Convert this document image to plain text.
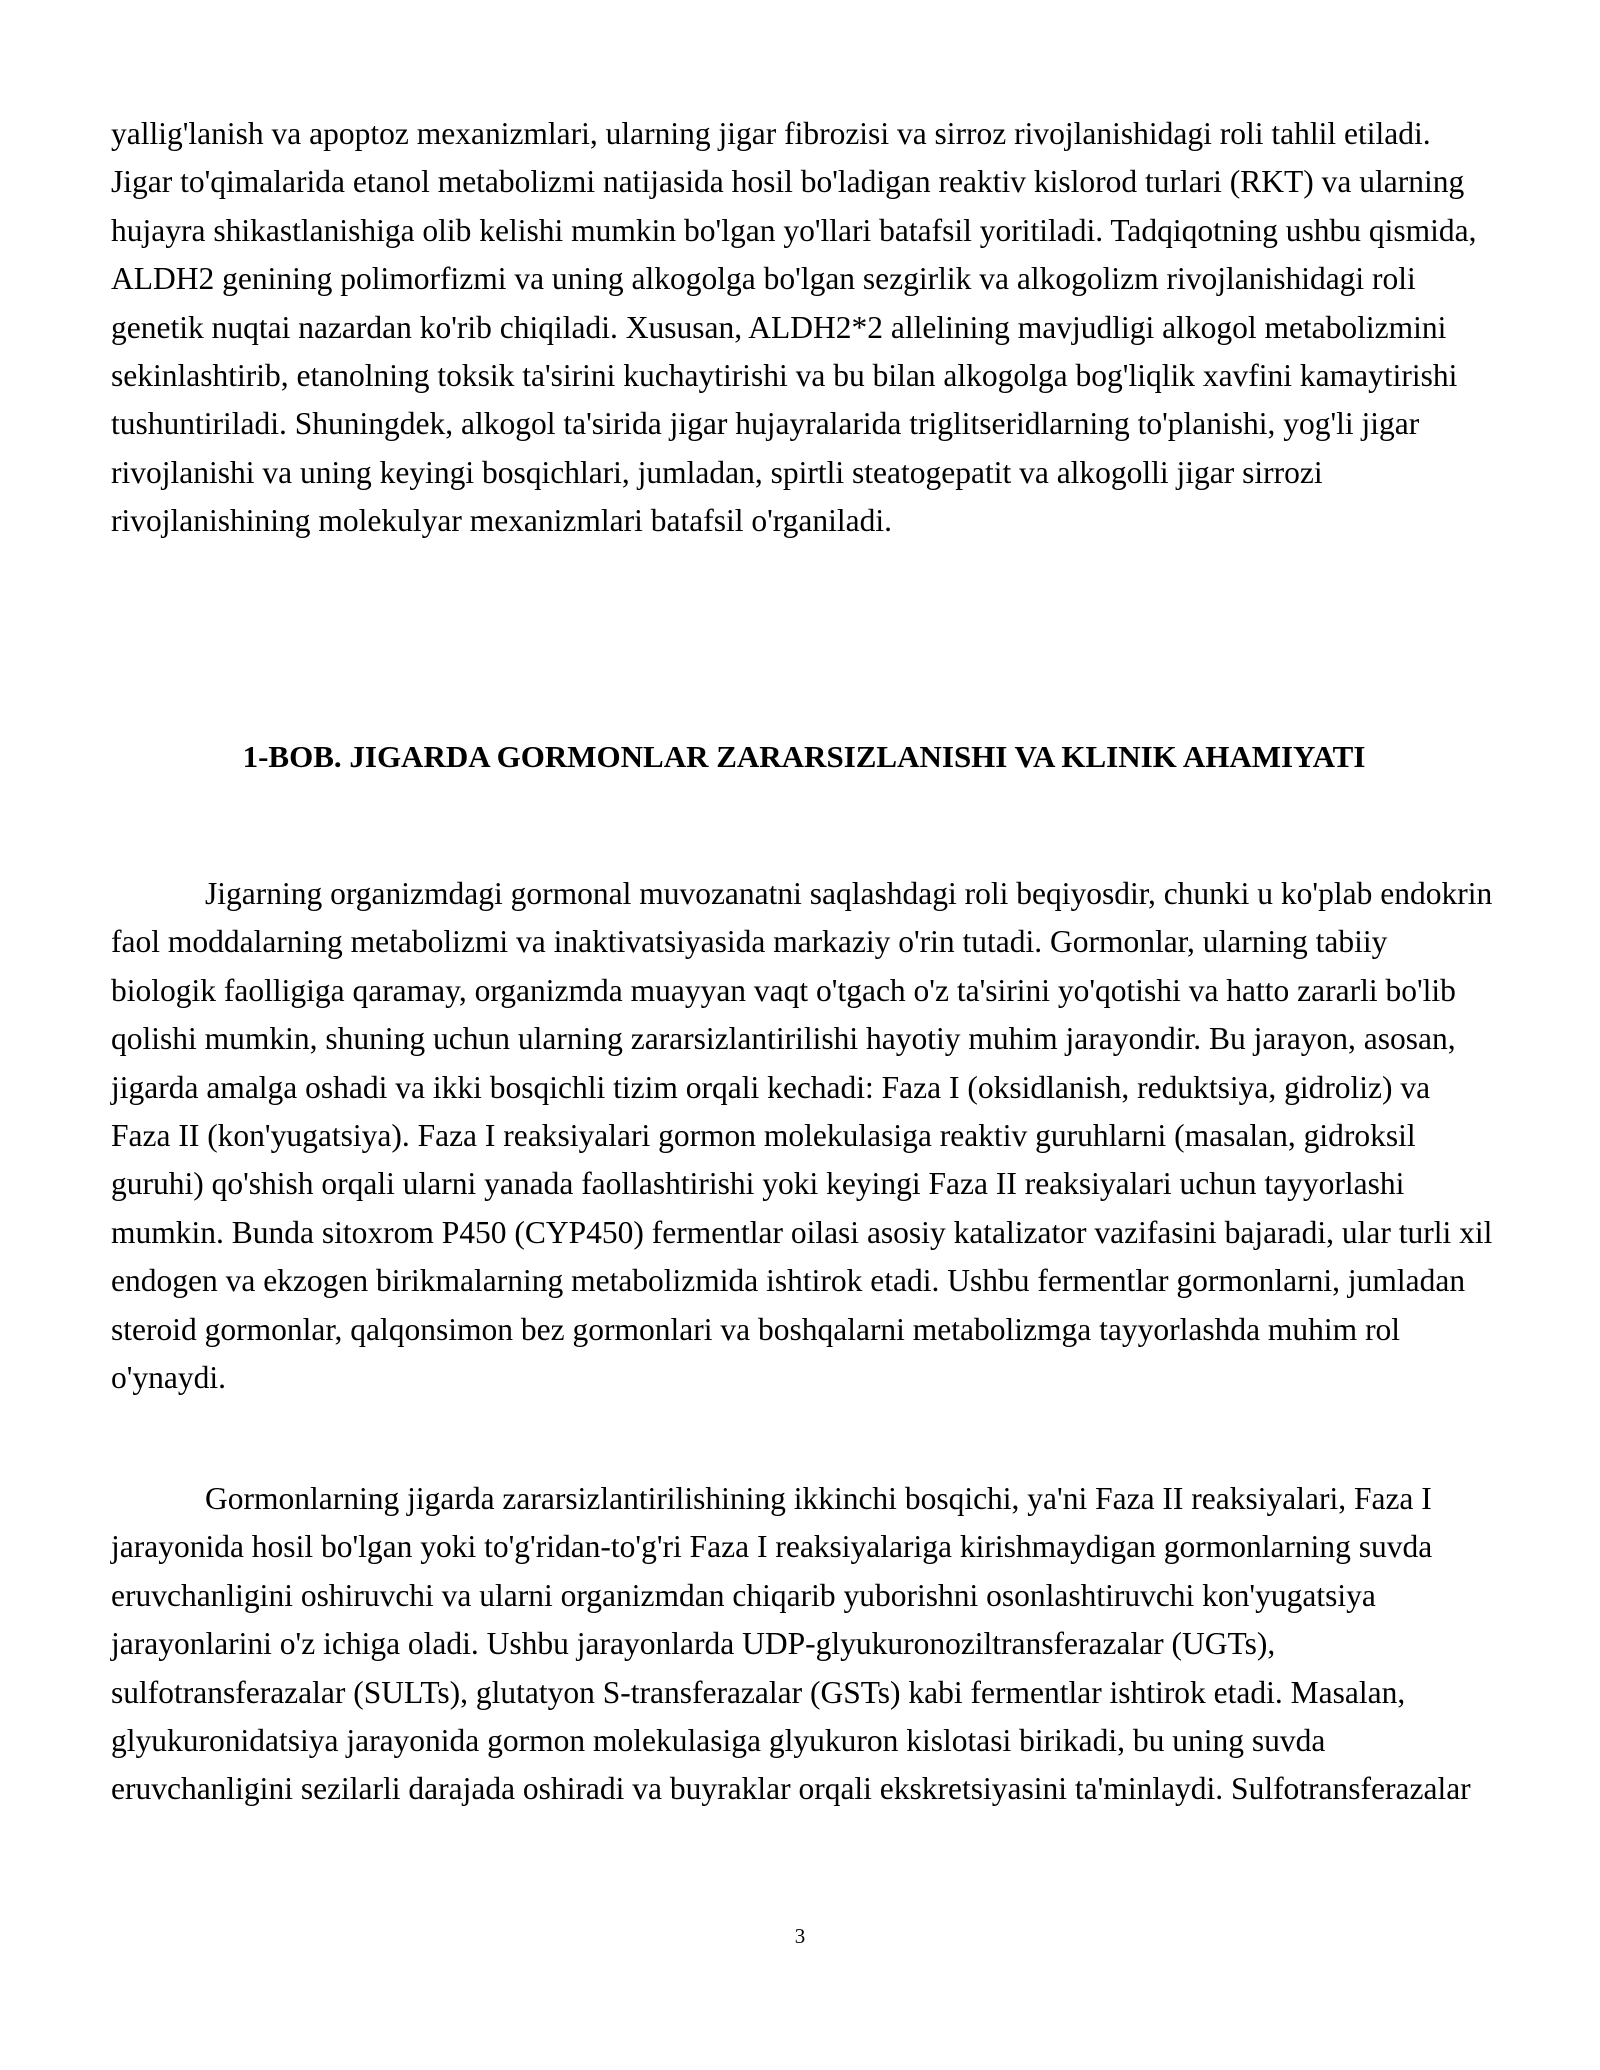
yallig'lanish va apoptoz mexanizmlari, ularning jigar fibrozisi va sirroz rivojlanishidagi roli tahlil etiladi. Jigar to'qimalarida etanol metabolizmi natijasida hosil bo'ladigan reaktiv kislorod turlari (RKT) va ularning hujayra shikastlanishiga olib kelishi mumkin bo'lgan yo'llari batafsil yoritiladi. Tadqiqotning ushbu qismida, ALDH2 genining polimorfizmi va uning alkogolga bo'lgan sezgirlik va alkogolizm rivojlanishidagi roli genetik nuqtai nazardan ko'rib chiqiladi. Xususan, ALDH2*2 allelining mavjudligi alkogol metabolizmini sekinlashtirib, etanolning toksik ta'sirini kuchaytirishi va bu bilan alkogolga bog'liqlik xavfini kamaytirishi tushuntiriladi. Shuningdek, alkogol ta'sirida jigar hujayralarida triglitseridlarning to'planishi, yog'li jigar rivojlanishi va uning keyingi bosqichlari, jumladan, spirtli steatogepatit va alkogolli jigar sirrozi rivojlanishining molekulyar mexanizmlari batafsil o'rganiladi.

1-BOB. JIGARDA GORMONLAR ZARARSIZLANISHI VA KLINIK AHAMIYATI

Jigarning organizmdagi gormonal muvozanatni saqlashdagi roli beqiyosdir, chunki u ko'plab endokrin faol moddalarning metabolizmi va inaktivatsiyasida markaziy o'rin tutadi. Gormonlar, ularning tabiiy biologik faolligiga qaramay, organizmda muayyan vaqt o'tgach o'z ta'sirini yo'qotishi va hatto zararli bo'lib qolishi mumkin, shuning uchun ularning zararsizlantirilishi hayotiy muhim jarayondir. Bu jarayon, asosan, jigarda amalga oshadi va ikki bosqichli tizim orqali kechadi: Faza I (oksidlanish, reduktsiya, gidroliz) va Faza II (kon'yugatsiya). Faza I reaksiyalari gormon molekulasiga reaktiv guruhlarni (masalan, gidroksil guruhi) qo'shish orqali ularni yanada faollashtirishi yoki keyingi Faza II reaksiyalari uchun tayyorlashi mumkin. Bunda sitoxrom P450 (CYP450) fermentlar oilasi asosiy katalizator vazifasini bajaradi, ular turli xil endogen va ekzogen birikmalarning metabolizmida ishtirok etadi. Ushbu fermentlar gormonlarni, jumladan steroid gormonlar, qalqonsimon bez gormonlari va boshqalarni metabolizmga tayyorlashda muhim rol o'ynaydi.

Gormonlarning jigarda zararsizlantirilishining ikkinchi bosqichi, ya'ni Faza II reaksiyalari, Faza I jarayonida hosil bo'lgan yoki to'g'ridan-to'g'ri Faza I reaksiyalariga kirishmaydigan gormonlarning suvda eruvchanligini oshiruvchi va ularni organizmdan chiqarib yuborishni osonlashtiruvchi kon'yugatsiya jarayonlarini o'z ichiga oladi. Ushbu jarayonlarda UDP-glyukuronoziltransferazalar (UGTs), sulfotransferazalar (SULTs), glutatyon S-transferazalar (GSTs) kabi fermentlar ishtirok etadi. Masalan, glyukuronidatsiya jarayonida gormon molekulasiga glyukuron kislotasi birikadi, bu uning suvda eruvchanligini sezilarli darajada oshiradi va buyraklar orqali ekskretsiyasini ta'minlaydi. Sulfotransferazalar

3
